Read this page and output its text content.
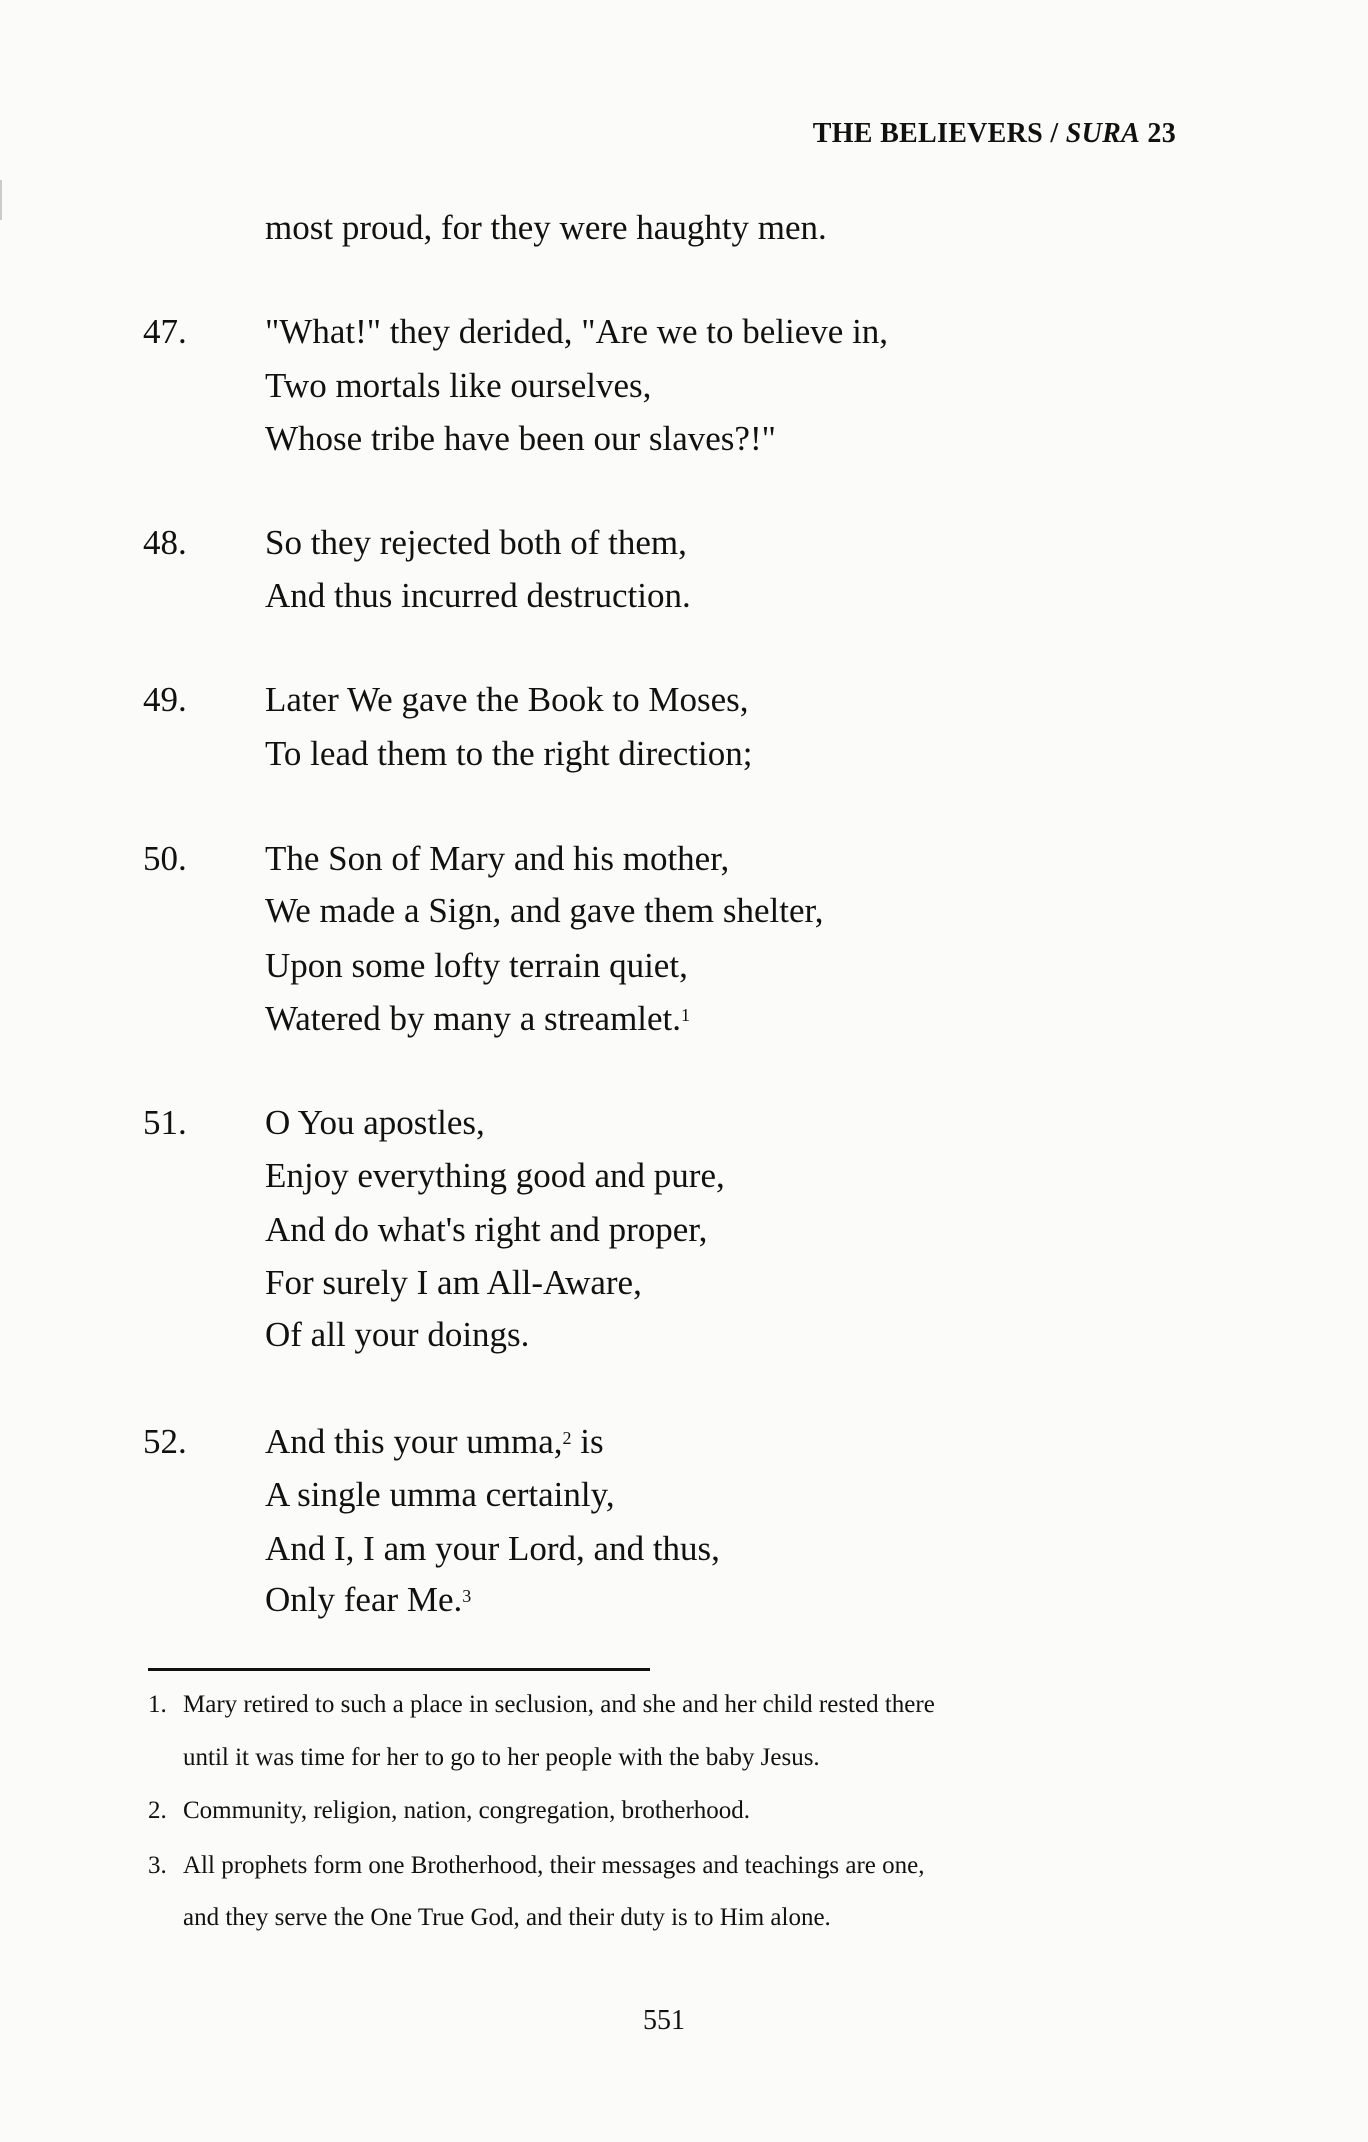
THE BELIEVERS / SURA 23
most proud, for they were haughty men.
47. "What!" they derided, "Are we to believe in,
Two mortals like ourselves,
Whose tribe have been our slaves?!"
48. So they rejected both of them,
And thus incurred destruction.
49. Later We gave the Book to Moses,
To lead them to the right direction;
50. The Son of Mary and his mother,
We made a Sign, and gave them shelter,
Upon some lofty terrain quiet,
Watered by many a streamlet.$^1$
51. O You apostles,
Enjoy everything good and pure,
And do what's right and proper,
For surely I am All-Aware,
Of all your doings.
52. And this your umma,$^2$ is
A single umma certainly,
And I, I am your Lord, and thus,
Only fear Me.$^3$
1. Mary retired to such a place in seclusion, and she and her child rested there
until it was time for her to go to her people with the baby Jesus.
2. Community, religion, nation, congregation, brotherhood.
3. All prophets form one Brotherhood, their messages and teachings are one,
and they serve the One True God, and their duty is to Him alone.
551
